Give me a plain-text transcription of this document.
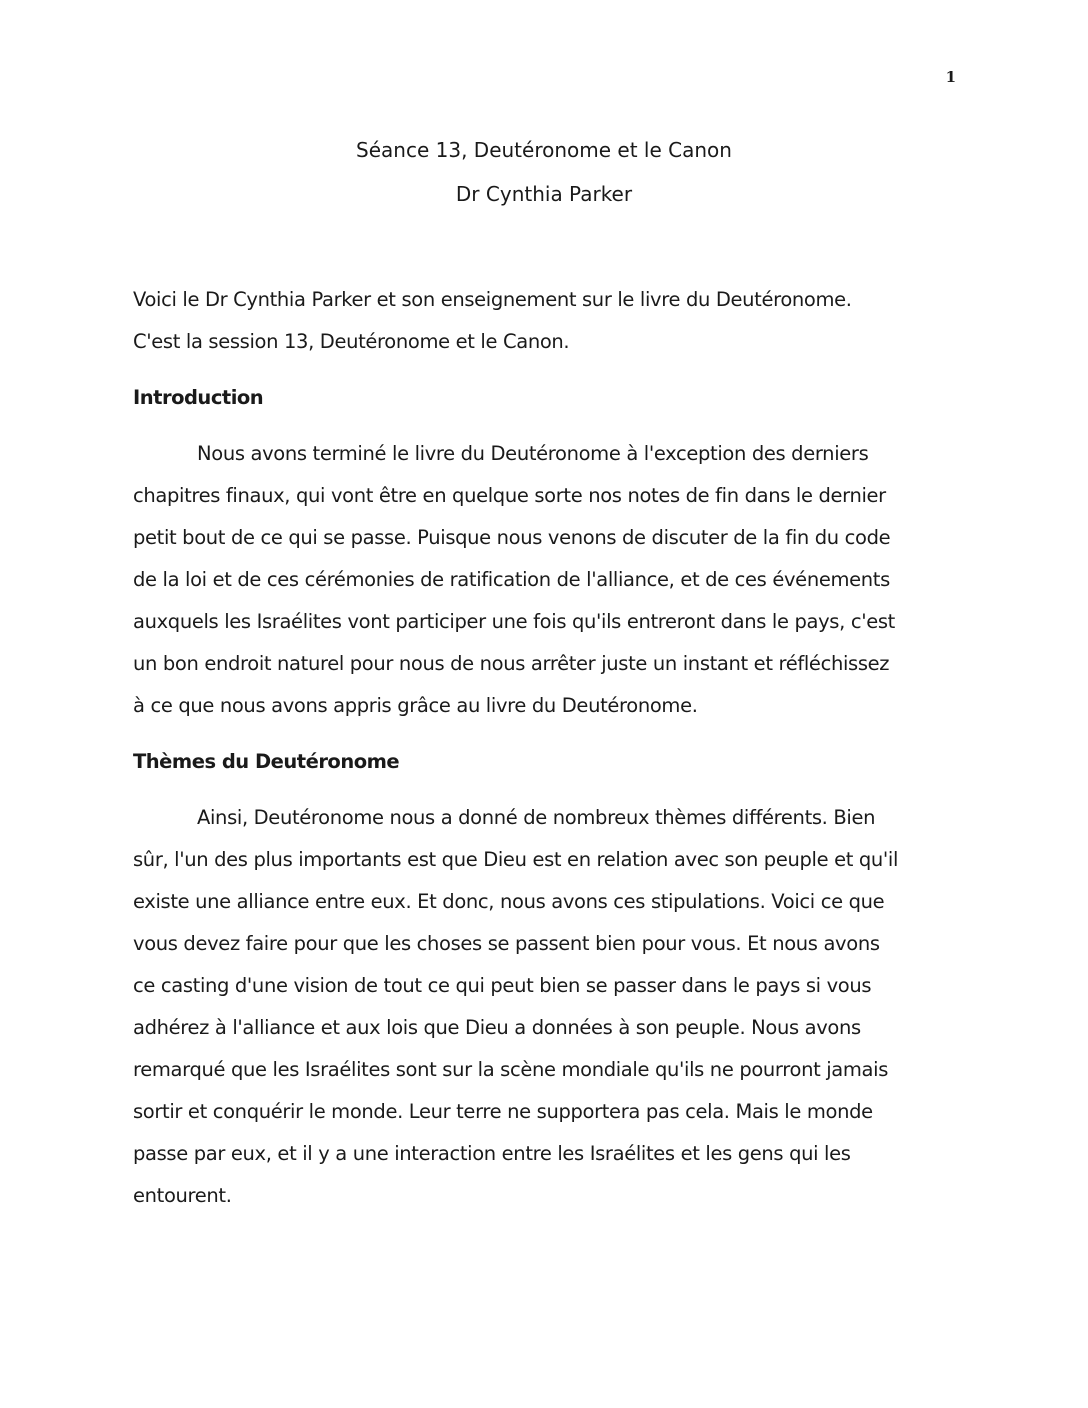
1
Séance 13, Deutéronome et le Canon
Dr Cynthia Parker
Voici le Dr Cynthia Parker et son enseignement sur le livre du Deutéronome.
C'est la session 13, Deutéronome et le Canon.
Introduction
Nous avons terminé le livre du Deutéronome à l'exception des derniers
chapitres finaux, qui vont être en quelque sorte nos notes de fin dans le dernier
petit bout de ce qui se passe. Puisque nous venons de discuter de la fin du code
de la loi et de ces cérémonies de ratification de l'alliance, et de ces événements
auxquels les Israélites vont participer une fois qu'ils entreront dans le pays, c'est
un bon endroit naturel pour nous de nous arrêter juste un instant et réfléchissez
à ce que nous avons appris grâce au livre du Deutéronome.
Thèmes du Deutéronome
Ainsi, Deutéronome nous a donné de nombreux thèmes différents. Bien
sûr, l'un des plus importants est que Dieu est en relation avec son peuple et qu'il
existe une alliance entre eux. Et donc, nous avons ces stipulations. Voici ce que
vous devez faire pour que les choses se passent bien pour vous. Et nous avons
ce casting d'une vision de tout ce qui peut bien se passer dans le pays si vous
adhérez à l'alliance et aux lois que Dieu a données à son peuple. Nous avons
remarqué que les Israélites sont sur la scène mondiale qu'ils ne pourront jamais
sortir et conquérir le monde. Leur terre ne supportera pas cela. Mais le monde
passe par eux, et il y a une interaction entre les Israélites et les gens qui les
entourent.
